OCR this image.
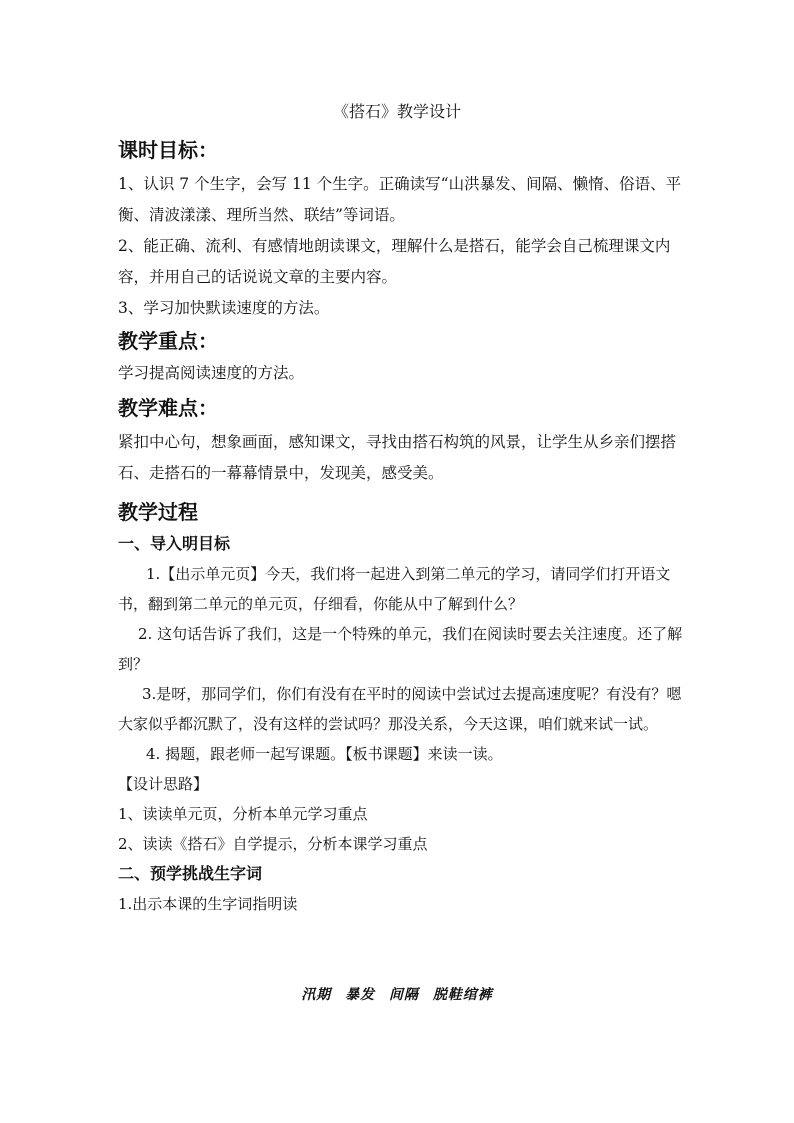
《搭石》教学设计
课时目标：
1、认识 7 个生字，会写 11 个生字。正确读写“山洪暴发、间隔、懒惰、俗语、平衡、清波漾漾、理所当然、联结”等词语。
2、能正确、流利、有感情地朗读课文，理解什么是搭石，能学会自己梳理课文内容，并用自己的话说说文章的主要内容。
3、学习加快默读速度的方法。
教学重点：
学习提高阅读速度的方法。
教学难点：
紧扣中心句，想象画面，感知课文，寻找由搭石构筑的风景，让学生从乡亲们摆搭石、走搭石的一幕幕情景中，发现美，感受美。
教学过程
一、导入明目标
1.【出示单元页】今天，我们将一起进入到第二单元的学习，请同学们打开语文书，翻到第二单元的单元页，仔细看，你能从中了解到什么？
2. 这句话告诉了我们，这是一个特殊的单元，我们在阅读时要去关注速度。还了解到？
3.是呀，那同学们，你们有没有在平时的阅读中尝试过去提高速度呢？有没有？嗯大家似乎都沉默了，没有这样的尝试吗？那没关系，今天这课，咱们就来试一试。
4. 揭题，跟老师一起写课题。【板书课题】来读一读。
【设计思路】
1、读读单元页，分析本单元学习重点
2、读读《搭石》自学提示，分析本课学习重点
二、预学挑战生字词
1.出示本课的生字词指明读
汛期 暴发 间隔 脱鞋绾裤
